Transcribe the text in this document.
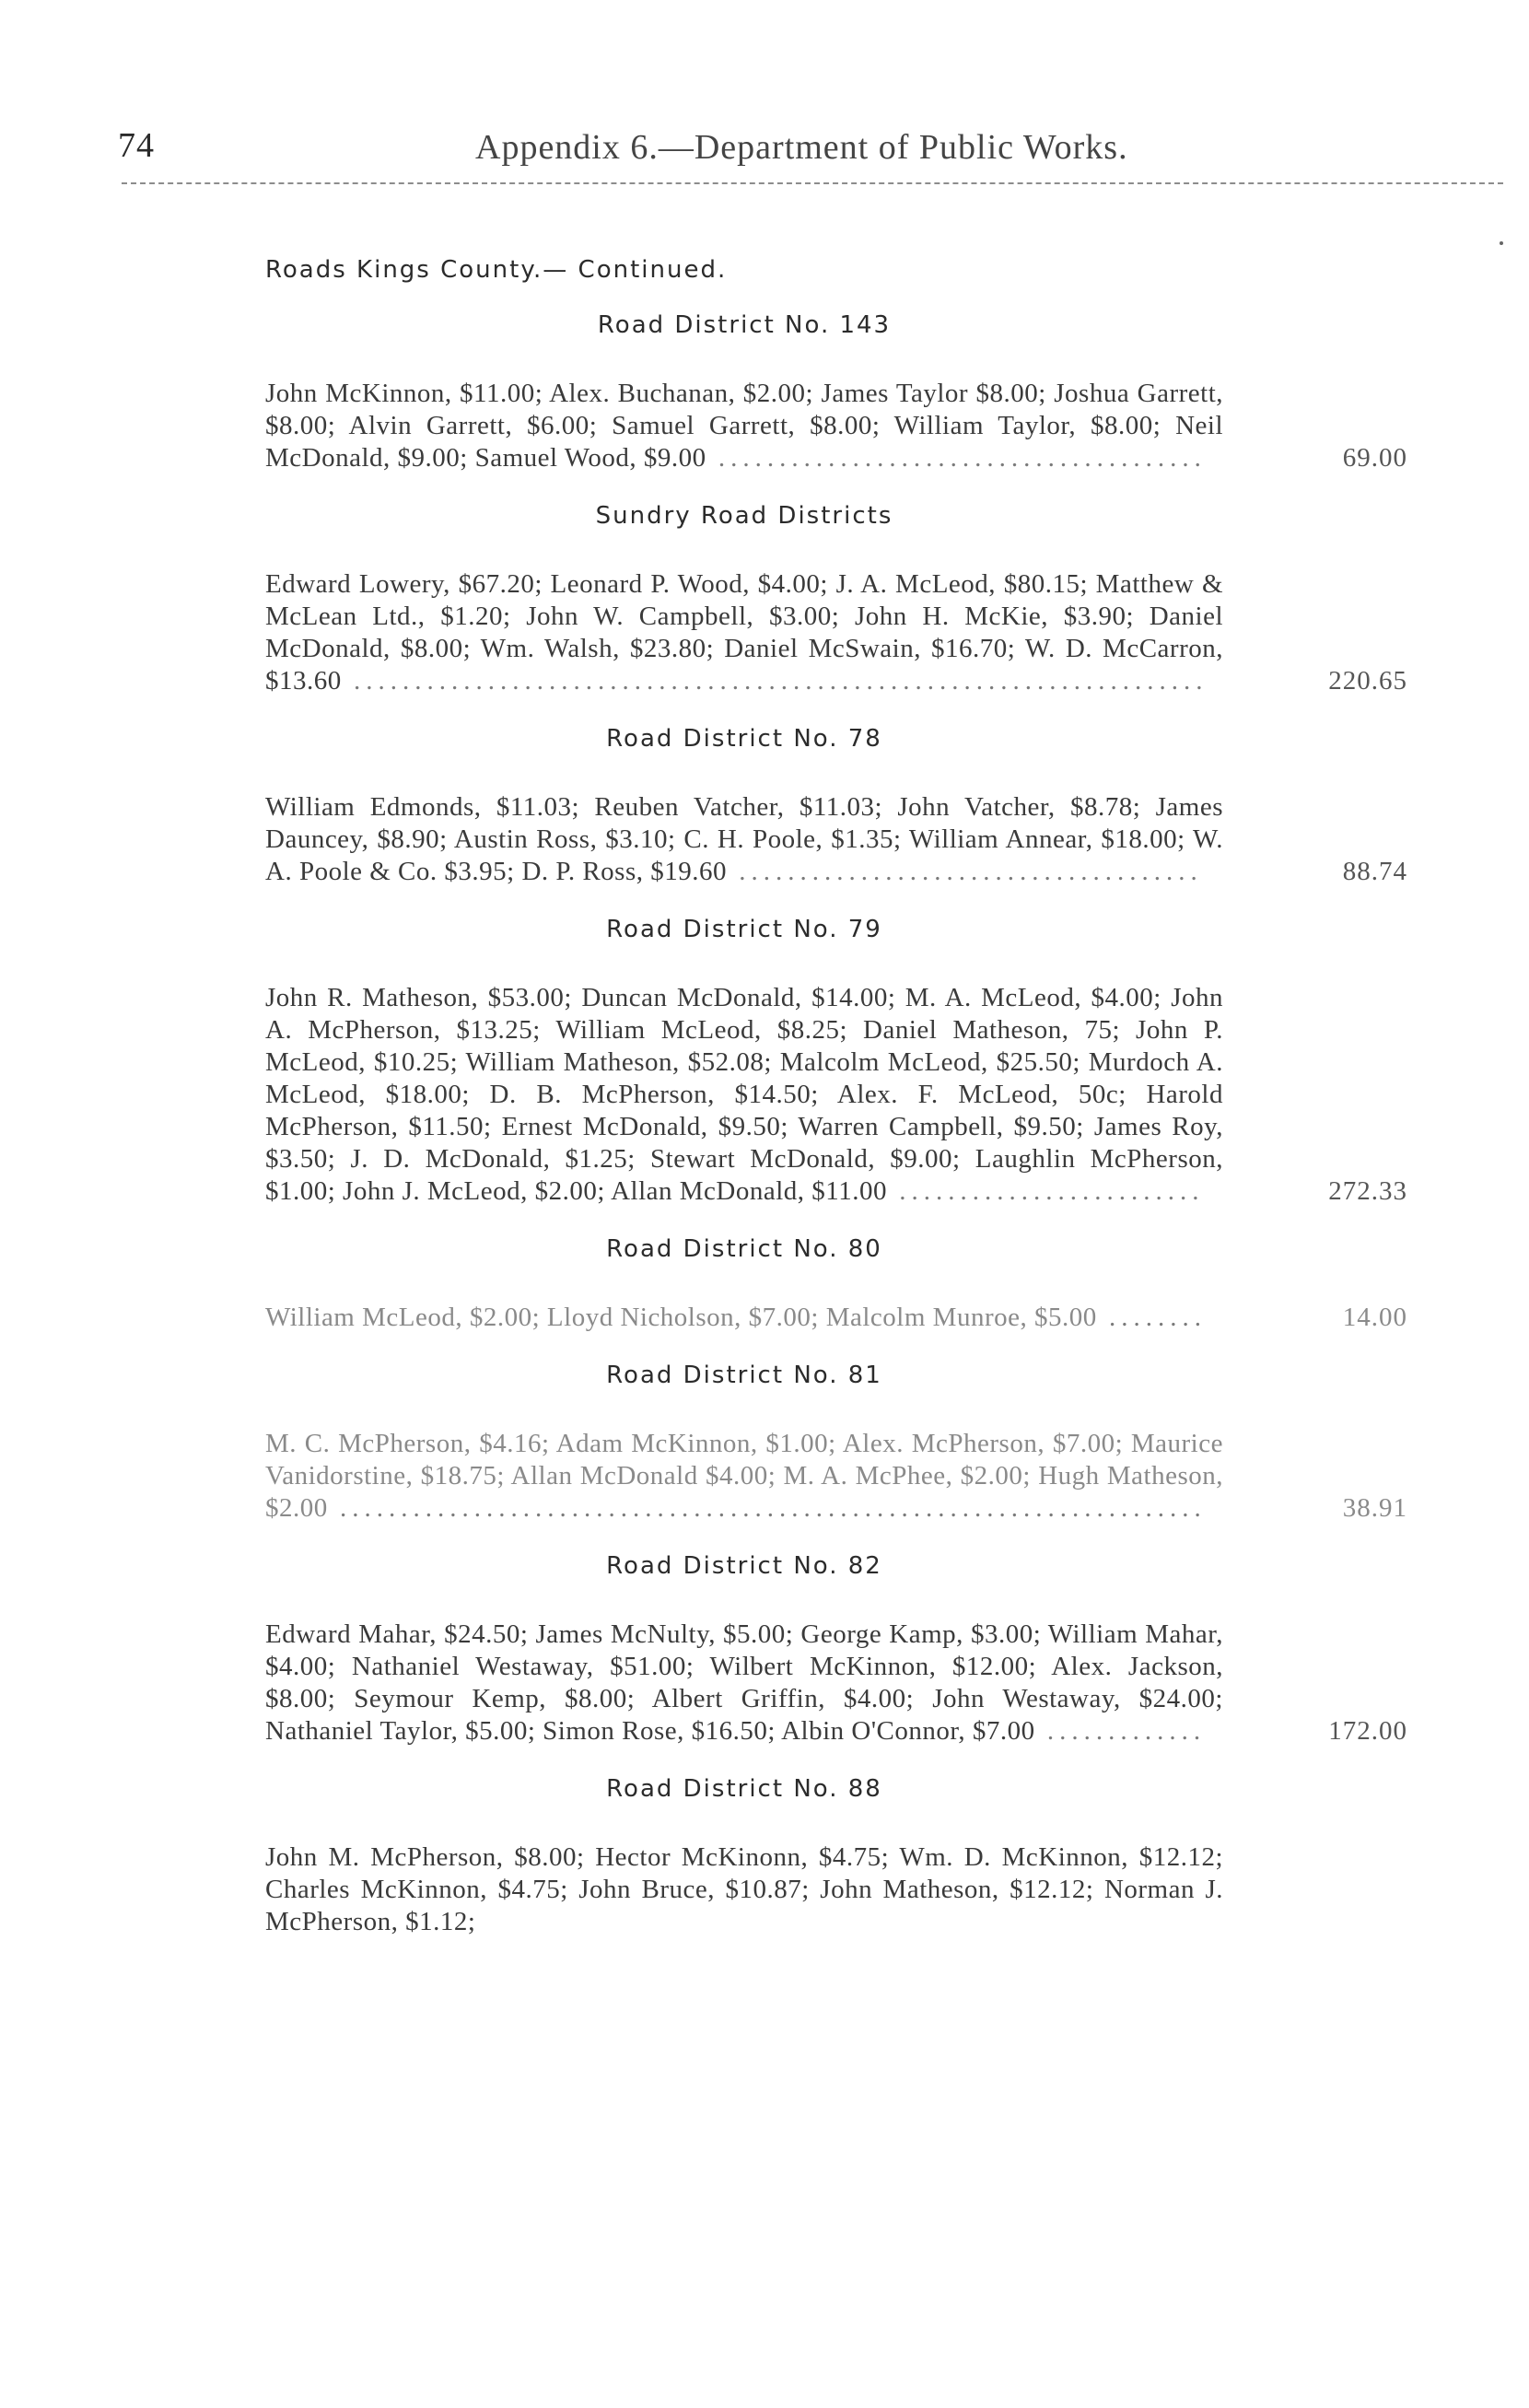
74	Appendix 6.—Department of Public Works.
Roads Kings County.— Continued.
Road District No. 143
John McKinnon, $11.00; Alex. Buchanan, $2.00; James Taylor $8.00; Joshua Garrett, $8.00; Alvin Garrett, $6.00; Samuel Garrett, $8.00; William Taylor, $8.00; Neil McDonald, $9.00; Samuel Wood, $9.00 ........................................	69.00
Sundry Road Districts
Edward Lowery, $67.20; Leonard P. Wood, $4.00; J. A. McLeod, $80.15; Matthew & McLean Ltd., $1.20; John W. Campbell, $3.00; John H. McKie, $3.90; Daniel McDonald, $8.00; Wm. Walsh, $23.80; Daniel McSwain, $16.70; W. D. McCarron, $13.60 ......................................................................	220.65
Road District No. 78
William Edmonds, $11.03; Reuben Vatcher, $11.03; John Vatcher, $8.78; James Dauncey, $8.90; Austin Ross, $3.10; C. H. Poole, $1.35; William Annear, $18.00; W. A. Poole & Co. $3.95; D. P. Ross, $19.60 ......................................	88.74
Road District No. 79
John R. Matheson, $53.00; Duncan McDonald, $14.00; M. A. McLeod, $4.00; John A. McPherson, $13.25; William McLeod, $8.25; Daniel Matheson, 75; John P. McLeod, $10.25; William Matheson, $52.08; Malcolm McLeod, $25.50; Murdoch A. McLeod, $18.00; D. B. McPherson, $14.50; Alex. F. McLeod, 50c; Harold McPherson, $11.50; Ernest McDonald, $9.50; Warren Campbell, $9.50; James Roy, $3.50; J. D. McDonald, $1.25; Stewart McDonald, $9.00; Laughlin McPherson, $1.00; John J. McLeod, $2.00; Allan McDonald, $11.00 .........................	272.33
Road District No. 80
William McLeod, $2.00; Lloyd Nicholson, $7.00; Malcolm Munroe, $5.00 ........	14.00
Road District No. 81
M. C. McPherson, $4.16; Adam McKinnon, $1.00; Alex. McPherson, $7.00; Maurice Vanidorstine, $18.75; Allan McDonald $4.00; M. A. McPhee, $2.00; Hugh Matheson, $2.00 .......................................................................	38.91
Road District No. 82
Edward Mahar, $24.50; James McNulty, $5.00; George Kamp, $3.00; William Mahar, $4.00; Nathaniel Westaway, $51.00; Wilbert McKinnon, $12.00; Alex. Jackson, $8.00; Seymour Kemp, $8.00; Albert Griffin, $4.00; John Westaway, $24.00; Nathaniel Taylor, $5.00; Simon Rose, $16.50; Albin O'Connor, $7.00 .............	172.00
Road District No. 88
John M. McPherson, $8.00; Hector McKinonn, $4.75; Wm. D. McKinnon, $12.12; Charles McKinnon, $4.75; John Bruce, $10.87; John Matheson, $12.12; Norman J. McPherson, $1.12;
